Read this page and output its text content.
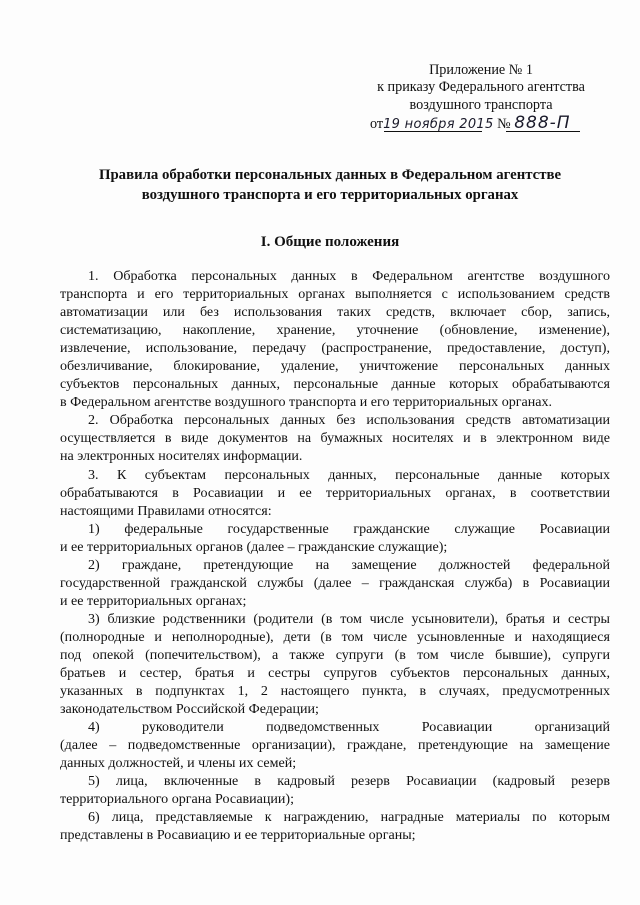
Приложение № 1
к приказу Федерального агентства
воздушного транспорта
от19 ноября 2015 № 888-П
Правила обработки персональных данных в Федеральном агентстве
воздушного транспорта и его территориальных органах
I. Общие положения

1. Обработка персональных данных в Федеральном агентстве воздушного
транспорта и его территориальных органах выполняется с использованием средств
автоматизации или без использования таких средств, включает сбор, запись,
систематизацию, накопление, хранение, уточнение (обновление, изменение),
извлечение, использование, передачу (распространение, предоставление, доступ),
обезличивание, блокирование, удаление, уничтожение персональных данных
субъектов персональных данных, персональные данные которых обрабатываются
в Федеральном агентстве воздушного транспорта и его территориальных органах.

2. Обработка персональных данных без использования средств автоматизации
осуществляется в виде документов на бумажных носителях и в электронном виде
на электронных носителях информации.

3. К субъектам персональных данных, персональные данные которых
обрабатываются в Росавиации и ее территориальных органах, в соответствии
настоящими Правилами относятся:

1) федеральные государственные гражданские служащие Росавиации
и ее территориальных органов (далее – гражданские служащие);

2) граждане, претендующие на замещение должностей федеральной
государственной гражданской службы (далее – гражданская служба) в Росавиации
и ее территориальных органах;

3) близкие родственники (родители (в том числе усыновители), братья и сестры
(полнородные и неполнородные), дети (в том числе усыновленные и находящиеся
под опекой (попечительством), а также супруги (в том числе бывшие), супруги
братьев и сестер, братья и сестры супругов субъектов персональных данных,
указанных в подпунктах 1, 2 настоящего пункта, в случаях, предусмотренных
законодательством Российской Федерации;

4) руководители подведомственных Росавиации организаций
(далее – подведомственные организации), граждане, претендующие на замещение
данных должностей, и члены их семей;

5) лица, включенные в кадровый резерв Росавиации (кадровый резерв
территориального органа Росавиации);

6) лица, представляемые к награждению, наградные материалы по которым
представлены в Росавиацию и ее территориальные органы;
